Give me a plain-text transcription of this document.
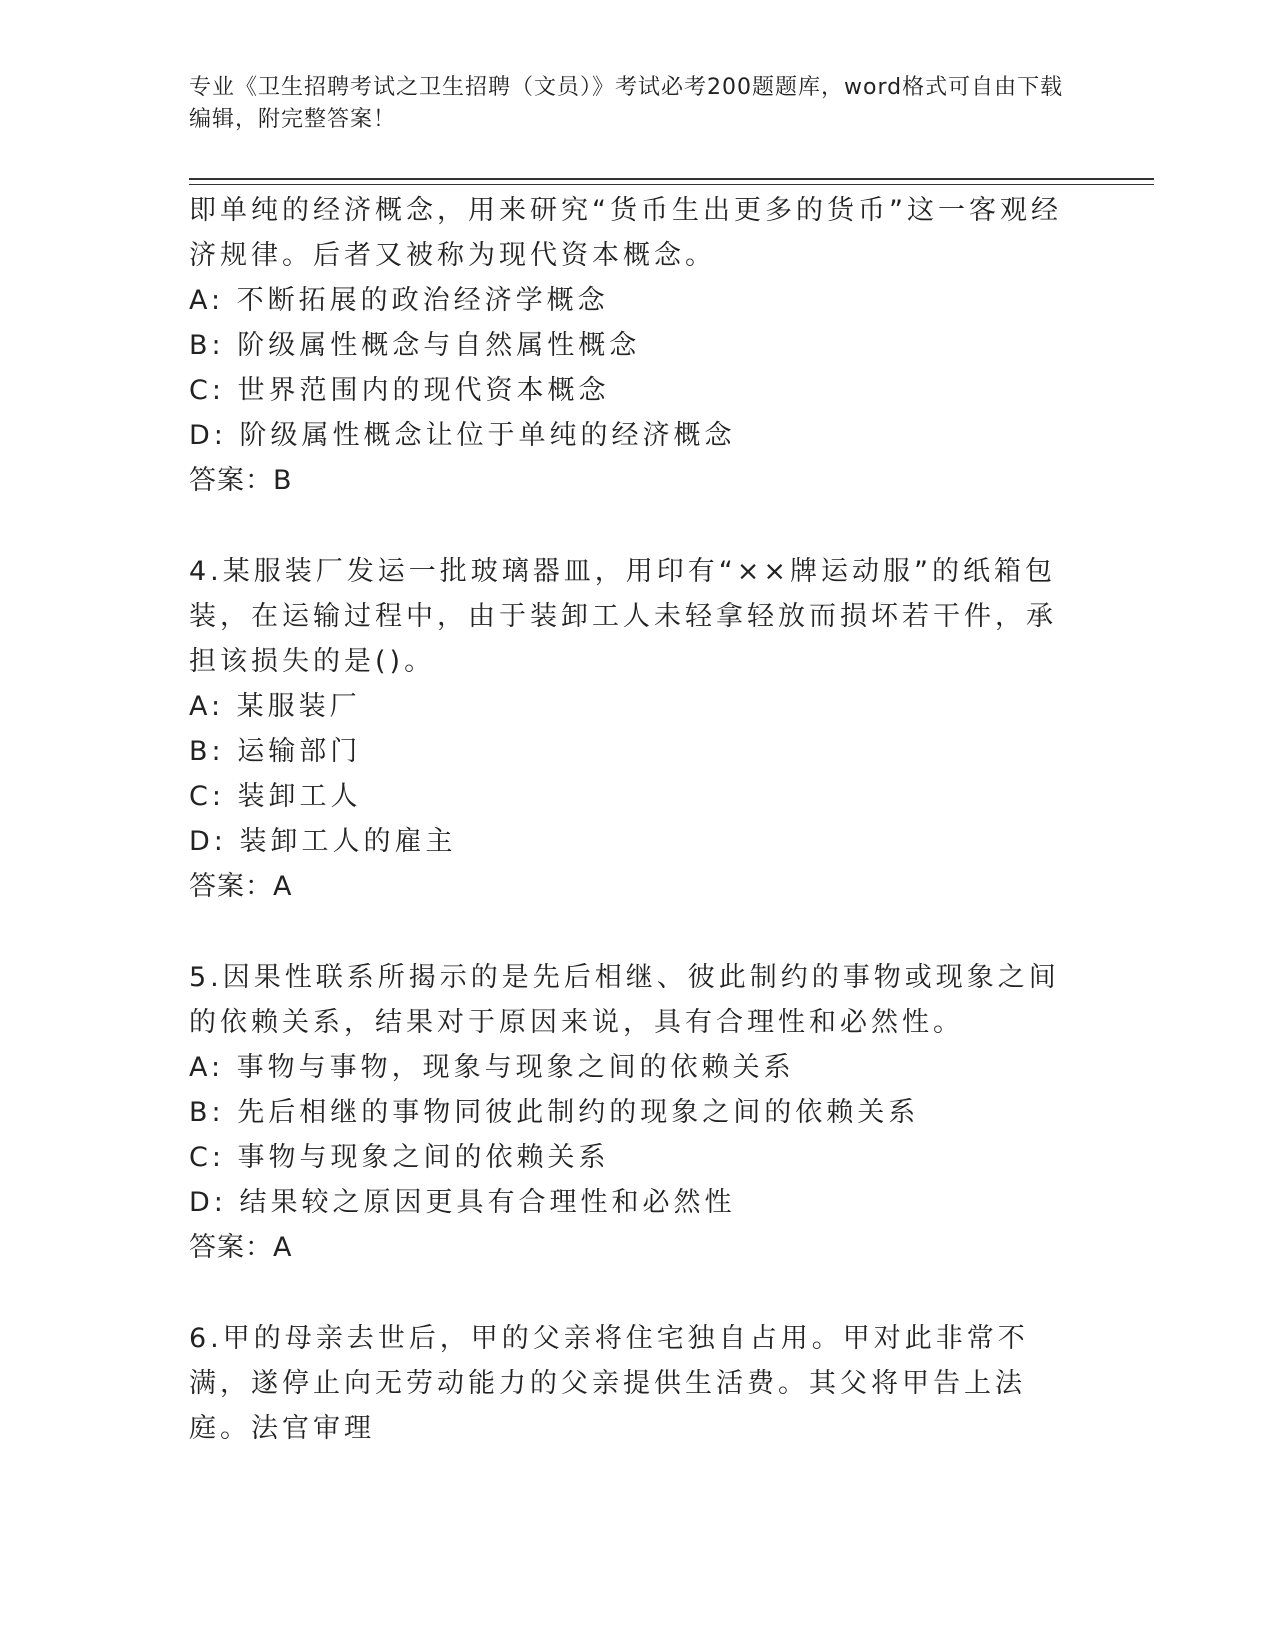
专业《卫生招聘考试之卫生招聘（文员）》考试必考200题题库，word格式可自由下载编辑，附完整答案！

即单纯的经济概念，用来研究“货币生出更多的货币”这一客观经济规律。后者又被称为现代资本概念。

A: 不断拓展的政治经济学概念

B: 阶级属性概念与自然属性概念

C: 世界范围内的现代资本概念

D: 阶级属性概念让位于单纯的经济概念

答案：B

4.某服装厂发运一批玻璃器皿，用印有“××牌运动服”的纸箱包装，在运输过程中，由于装卸工人未轻拿轻放而损坏若干件，承担该损失的是()。

A: 某服装厂

B: 运输部门

C: 装卸工人

D: 装卸工人的雇主

答案：A

5.因果性联系所揭示的是先后相继、彼此制约的事物或现象之间的依赖关系，结果对于原因来说，具有合理性和必然性。

A: 事物与事物，现象与现象之间的依赖关系

B: 先后相继的事物同彼此制约的现象之间的依赖关系

C: 事物与现象之间的依赖关系

D: 结果较之原因更具有合理性和必然性

答案：A

6.甲的母亲去世后，甲的父亲将住宅独自占用。甲对此非常不满，遂停止向无劳动能力的父亲提供生活费。其父将甲告上法庭。法官审理
